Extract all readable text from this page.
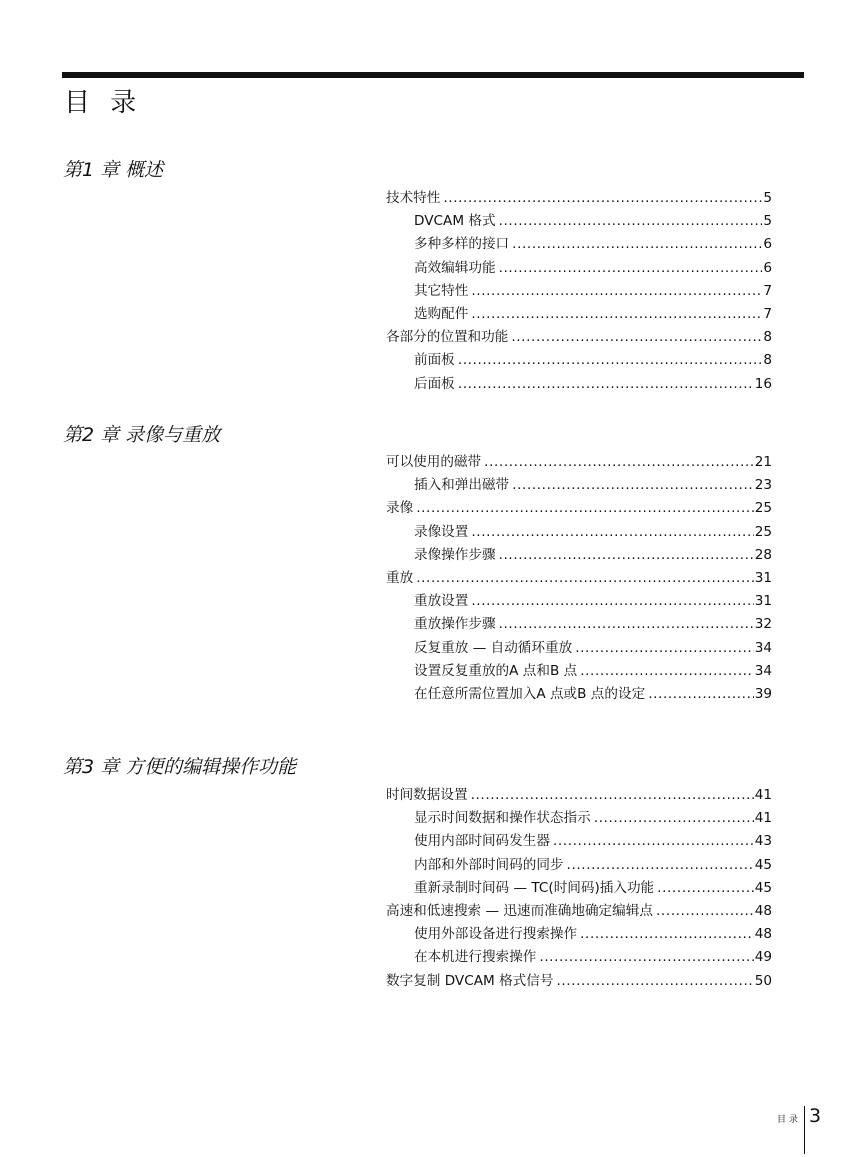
目 录
第1 章 概述
技术特性 .....	5
DVCAM 格式 .....	5
多种多样的接口 .....	6
高效编辑功能 .....	6
其它特性 .....	7
选购配件 .....	7
各部分的位置和功能 .....	8
前面板 .....	8
后面板 .....	16
第2 章 录像与重放
可以使用的磁带 .....	21
插入和弹出磁带 .....	23
录像 .....	25
录像设置 .....	25
录像操作步骤 .....	28
重放 .....	31
重放设置 .....	31
重放操作步骤 .....	32
反复重放 — 自动循环重放 .....	34
设置反复重放的A 点和B 点 .....	34
在任意所需位置加入A 点或B 点的设定 .....	39
第3 章 方便的编辑操作功能
时间数据设置 .....	41
显示时间数据和操作状态指示 .....	41
使用内部时间码发生器 .....	43
内部和外部时间码的同步 .....	45
重新录制时间码 — TC(时间码)插入功能 .....	45
高速和低速搜索 — 迅速而准确地确定编辑点 .....	48
使用外部设备进行搜索操作 .....	48
在本机进行搜索操作 .....	49
数字复制 DVCAM 格式信号 .....	50
目 录 3
